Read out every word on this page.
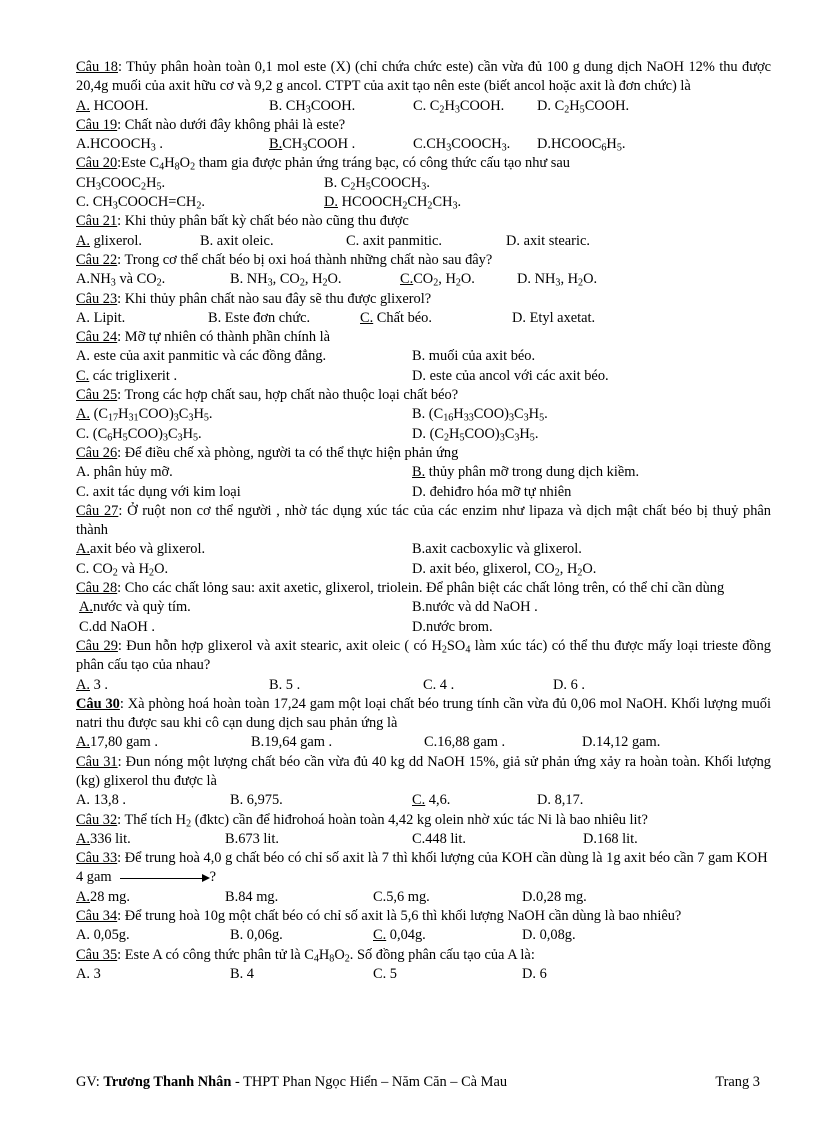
Câu 18: Thủy phân hoàn toàn 0,1 mol este (X) (chỉ chứa chức este) cần vừa đủ 100 g dung dịch NaOH 12% thu được 20,4g muối của axit hữu cơ và 9,2 g ancol. CTPT của axit tạo nên este (biết ancol hoặc axit là đơn chức) là
A. HCOOH.	B. $CH_3COOH$.	C. $C_2H_3COOH$. D. $C_2H_5COOH$.
Câu 19: Chất nào dưới đây không phải là este?
$A.HCOOCH_3$ .	$B.CH_3COOH$ .	$C.CH_3COOCH_3$. $D.HCOOC_6H_5$.
Câu 20:Este $C_4H_8O_2$ tham gia được phản ứng tráng bạc, có công thức cấu tạo như sau
$CH_3COOC_2H_5$.	B. $C_2H_5COOCH_3$.
C. $CH_3COOCH=CH_2$.	D. $HCOOCH_2CH_2CH_3$.
Câu 21: Khi thủy phân bất kỳ chất béo nào cũng thu được
A. glixerol.	B. axit oleic.	C. axit panmitic.	D. axit stearic.
Câu 22: Trong cơ thể chất béo bị oxi hoá thành những chất nào sau đây?
$A.NH_3$ và $CO_2$.	B. $NH_3$, $CO_2$, $H_2O$.	$C.CO_2$, $H_2O$.	D. $NH_3$, $H_2O$.
Câu 23: Khi thủy phân chất nào sau đây sẽ thu được glixerol?
A. Lipit.	B. Este đơn chức.	C. Chất béo.	D. Etyl axetat.
Câu 24: Mỡ tự nhiên có thành phần chính là
A. este của axit panmitic và các đồng đẳng.	B. muối của axit béo.
C. các triglixerit .	D. este của ancol với các axit béo.
Câu 25: Trong các hợp chất sau, hợp chất nào thuộc loại chất béo?
A. $(C_{17}H_{31}COO)_3C_3H_5$.	B. $(C_{16}H_{33}COO)_3C_3H_5$.
C. $(C_6H_5COO)_3C_3H_5$.	D. $(C_2H_5COO)_3C_3H_5$.
Câu 26: Để điều chế xà phòng, người ta có thể thực hiện phản ứng
A. phân hủy mỡ.	B. thủy phân mỡ trong dung dịch kiềm.
C. axit tác dụng với kim loại	D. đehiđro hóa mỡ tự nhiên
Câu 27: Ở ruột non cơ thể người , nhờ tác dụng xúc tác của các enzim như lipaza và dịch mật chất béo bị thuỷ phân thành
A.axit béo và glixerol.	B.axit cacboxylic và glixerol.
C. $CO_2$ và $H_2O$.	D. axit béo, glixerol, $CO_2$, $H_2O$.
Câu 28: Cho các chất lỏng sau: axit axetic, glixerol, triolein. Để phân biệt các chất lỏng trên, có thể chỉ cần dùng
A.nước và quỳ tím.	B.nước và dd NaOH .
C.dd NaOH .	D.nước brom.
Câu 29: Đun hỗn hợp glixerol và axit stearic, axit oleic ( có $H_2SO_4$ làm xúc tác) có thể thu được mấy loại trieste đồng phân cấu tạo của nhau?
A. 3 .	B. 5 .	C. 4 .	D. 6 .
Câu 30: Xà phòng hoá hoàn toàn 17,24 gam một loại chất béo trung tính cần vừa đủ 0,06 mol NaOH. Khối lượng muối natri thu được sau khi cô cạn dung dịch sau phản ứng là
A.17,80 gam .	B.19,64 gam .	C.16,88 gam .	D.14,12 gam.
Câu 31: Đun nóng một lượng chất béo cần vừa đủ 40 kg dd NaOH 15%, giả sử phản ứng xảy ra hoàn toàn. Khối lượng (kg) glixerol thu được là
A. 13,8 .	B. 6,975.	C. 4,6.	D. 8,17.
Câu 32: Thể tích $H_2$ (đktc) cần để hiđrohoá hoàn toàn 4,42 kg olein nhờ xúc tác Ni là bao nhiêu lit?
A.336 lit.	B.673 lit.	C.448 lit.	D.168 lit.
Câu 33: Để trung hoà 4,0 g chất béo có chỉ số axit là 7 thì khối lượng của KOH cần dùng là 1g axit béo cần 7 gam KOH
4 gam	?
A.28 mg.	B.84 mg.	C.5,6 mg.	D.0,28 mg.
Câu 34: Để trung hoà 10g một chất béo có chỉ số axit là 5,6 thì khối lượng NaOH cần dùng là bao nhiêu?
A. 0,05g.	B. 0,06g.	C. 0,04g.	D. 0,08g.
Câu 35: Este A có công thức phân tử là $C_4H_8O_2$. Số đồng phân cấu tạo của A là:
A. 3	B. 4	C. 5	D. 6
GV: Trương Thanh Nhân - THPT Phan Ngọc Hiển – Năm Căn – Cà Mau	Trang 3
